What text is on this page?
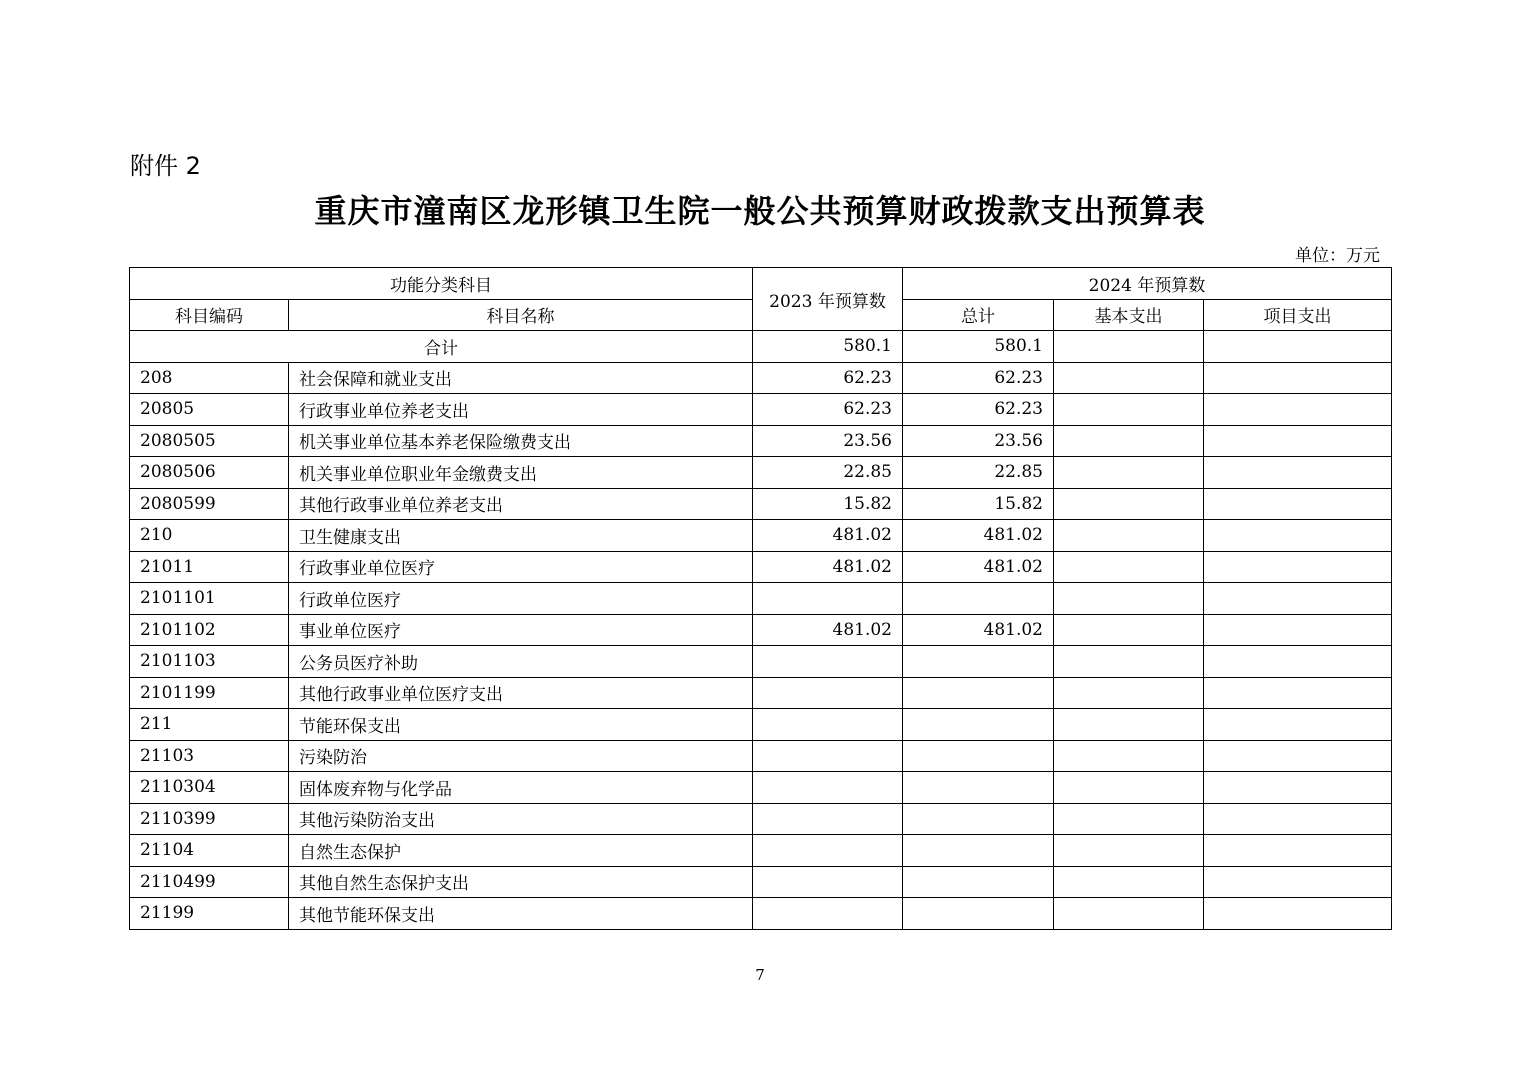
附件 2
重庆市潼南区龙形镇卫生院一般公共预算财政拨款支出预算表
单位：万元
功能分类科目		2023 年预算数	2024 年预算数		
科目编码	科目名称		总计	基本支出	项目支出
合计		580.1	580.1		
208	社会保障和就业支出	62.23	62.23		
20805	行政事业单位养老支出	62.23	62.23		
2080505	机关事业单位基本养老保险缴费支出	23.56	23.56		
2080506	机关事业单位职业年金缴费支出	22.85	22.85		
2080599	其他行政事业单位养老支出	15.82	15.82		
210	卫生健康支出	481.02	481.02		
21011	行政事业单位医疗	481.02	481.02		
2101101	行政单位医疗				
2101102	事业单位医疗	481.02	481.02		
2101103	公务员医疗补助				
2101199	其他行政事业单位医疗支出				
211	节能环保支出				
21103	污染防治				
2110304	固体废弃物与化学品				
2110399	其他污染防治支出				
21104	自然生态保护				
2110499	其他自然生态保护支出				
21199	其他节能环保支出				
7
